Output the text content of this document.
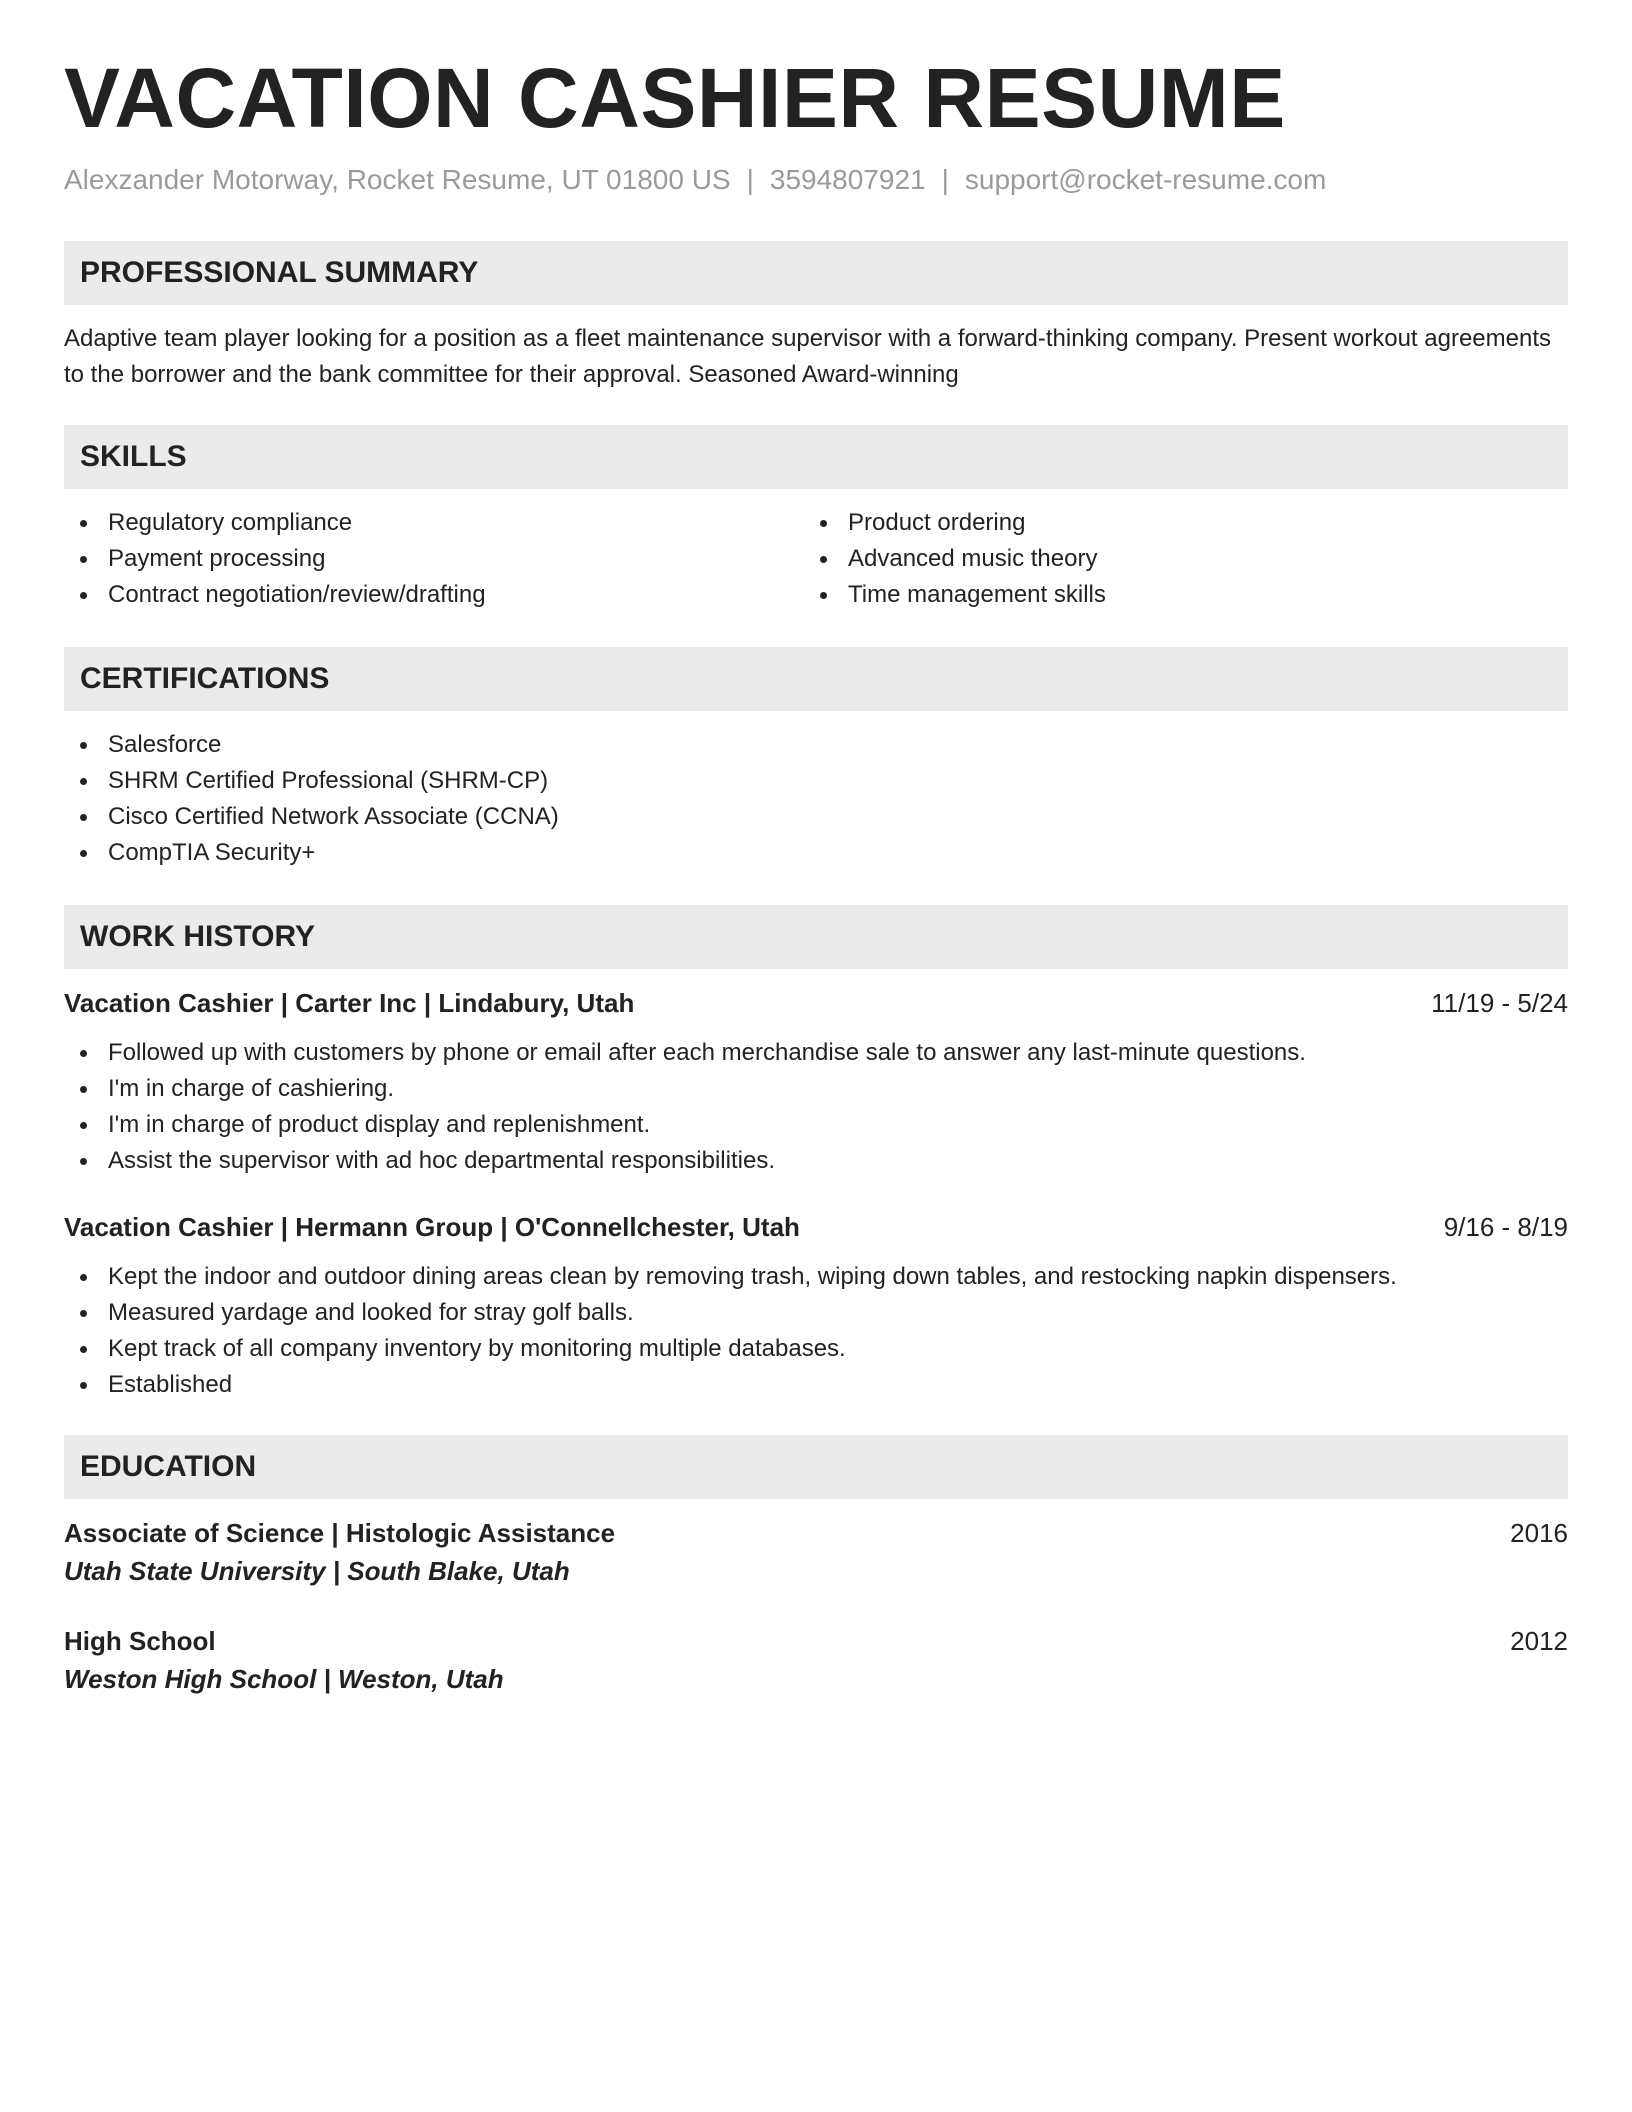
VACATION CASHIER RESUME
Alexzander Motorway, Rocket Resume, UT 01800 US | 3594807921 | support@rocket-resume.com
PROFESSIONAL SUMMARY

Adaptive team player looking for a position as a fleet maintenance supervisor with a forward-thinking company. Present workout agreements to the borrower and the bank committee for their approval. Seasoned Award-winning

SKILLS
Regulatory compliance
Payment processing
Contract negotiation/review/drafting
Product ordering
Advanced music theory
Time management skills
CERTIFICATIONS
Salesforce
SHRM Certified Professional (SHRM-CP)
Cisco Certified Network Associate (CCNA)
CompTIA Security+
WORK HISTORY
Vacation Cashier | Carter Inc | Lindabury, Utah	11/19 - 5/24
Followed up with customers by phone or email after each merchandise sale to answer any last-minute questions.
I'm in charge of cashiering.
I'm in charge of product display and replenishment.
Assist the supervisor with ad hoc departmental responsibilities.
Vacation Cashier | Hermann Group | O'Connellchester, Utah	9/16 - 8/19
Kept the indoor and outdoor dining areas clean by removing trash, wiping down tables, and restocking napkin dispensers.
Measured yardage and looked for stray golf balls.
Kept track of all company inventory by monitoring multiple databases.
Established
EDUCATION
Associate of Science | Histologic Assistance	2016
Utah State University | South Blake, Utah
High School	2012
Weston High School | Weston, Utah
